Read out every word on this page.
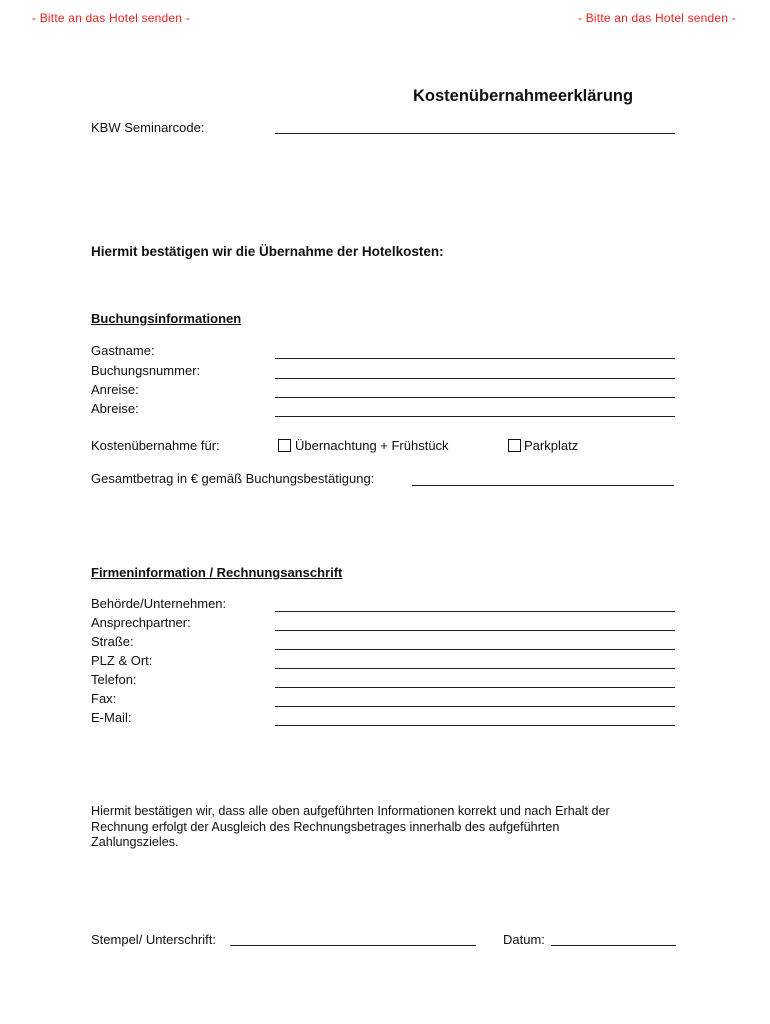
- Bitte an das Hotel senden -	- Bitte an das Hotel senden -
Kostenübernahmeerklärung
KBW Seminarcode:
Hiermit bestätigen wir die Übernahme der Hotelkosten:
Buchungsinformationen
Gastname:
Buchungsnummer:
Anreise:
Abreise:
Kostenübernahme für:	Übernachtung + Frühstück	Parkplatz
Gesamtbetrag in € gemäß Buchungsbestätigung:
Firmeninformation / Rechnungsanschrift
Behörde/Unternehmen:
Ansprechpartner:
Straße:
PLZ & Ort:
Telefon:
Fax:
E-Mail:
Hiermit bestätigen wir, dass alle oben aufgeführten Informationen korrekt und nach Erhalt der
Rechnung erfolgt der Ausgleich des Rechnungsbetrages innerhalb des aufgeführten
Zahlungszieles.
Stempel/ Unterschrift:	Datum:
